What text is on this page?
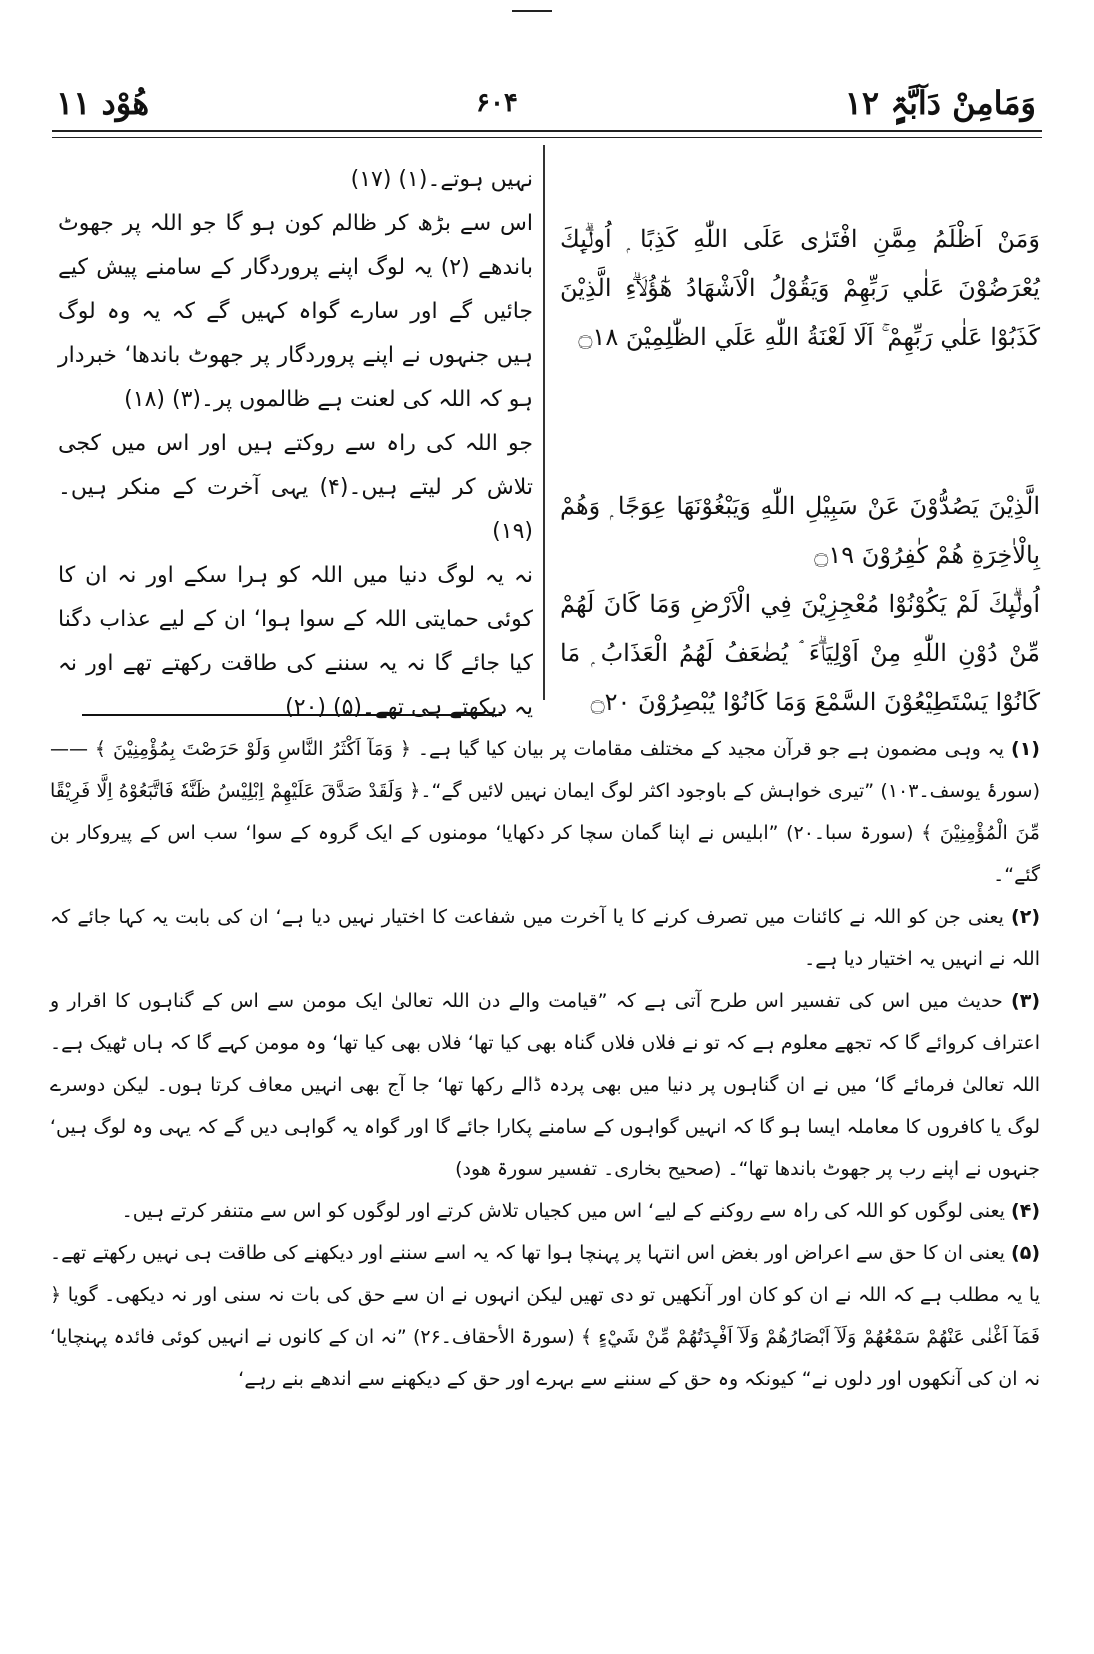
ھُوْد ۱۱	۶۰۴	وَمَامِنْ دَآبَّۃٍ ۱۲

وَمَنْ اَظْلَمُ مِمَّنِ افْتَرٰى عَلَى اللّٰهِ كَذِبًا ۭ اُولٰۗىِٕكَ يُعْرَضُوْنَ عَلٰي رَبِّهِمْ وَيَقُوْلُ الْاَشْهَادُ هٰٓؤُلَاۗءِ الَّذِيْنَ كَذَبُوْا عَلٰي رَبِّهِمْ ۚ اَلَا لَعْنَةُ اللّٰهِ عَلَي الظّٰلِمِيْنَ ۝۱۸

الَّذِيْنَ يَصُدُّوْنَ عَنْ سَبِيْلِ اللّٰهِ وَيَبْغُوْنَهَا عِوَجًا ۭ وَهُمْ بِالْاٰخِرَةِ هُمْ كٰفِرُوْنَ ۝۱۹

اُولٰۗىِٕكَ لَمْ يَكُوْنُوْا مُعْجِزِيْنَ فِي الْاَرْضِ وَمَا كَانَ لَهُمْ مِّنْ دُوْنِ اللّٰهِ مِنْ اَوْلِيَاۗءَ ۘ يُضٰعَفُ لَهُمُ الْعَذَابُ ۭ مَا كَانُوْا يَسْتَطِيْعُوْنَ السَّمْعَ وَمَا كَانُوْا يُبْصِرُوْنَ ۝۲۰

نہیں ہوتے۔(۱) (۱۷)

اس سے بڑھ کر ظالم کون ہو گا جو اللہ پر جھوٹ باندھے (۲) یہ لوگ اپنے پروردگار کے سامنے پیش کیے جائیں گے اور سارے گواہ کہیں گے کہ یہ وہ لوگ ہیں جنہوں نے اپنے پروردگار پر جھوٹ باندھا‘ خبردار ہو کہ اللہ کی لعنت ہے ظالموں پر۔(۳) (۱۸)

جو اللہ کی راہ سے روکتے ہیں اور اس میں کجی تلاش کر لیتے ہیں۔(۴) یہی آخرت کے منکر ہیں۔(۱۹)

نہ یہ لوگ دنیا میں اللہ کو ہرا سکے اور نہ ان کا کوئی حمایتی اللہ کے سوا ہوا‘ ان کے لیے عذاب دگنا کیا جائے گا نہ یہ سننے کی طاقت رکھتے تھے اور نہ یہ دیکھتے ہی تھے۔(۵) (۲۰)

(۱) یہ وہی مضمون ہے جو قرآن مجید کے مختلف مقامات پر بیان کیا گیا ہے۔ ﴿ وَمَآ اَكْثَرُ النَّاسِ وَلَوْ حَرَصْتَ بِمُؤْمِنِيْنَ ﴾ —— (سورۂ یوسف۔۱۰۳) ”تیری خواہش کے باوجود اکثر لوگ ایمان نہیں لائیں گے“۔﴿ وَلَقَدْ صَدَّقَ عَلَيْهِمْ اِبْلِيْسُ ظَنَّهٗ فَاتَّبَعُوْهُ اِلَّا فَرِيْقًا مِّنَ الْمُؤْمِنِيْنَ ﴾ (سورۃ سبا۔۲۰) ”ابلیس نے اپنا گمان سچا کر دکھایا‘ مومنوں کے ایک گروہ کے سوا‘ سب اس کے پیروکار بن گئے“۔

(۲) یعنی جن کو اللہ نے کائنات میں تصرف کرنے کا یا آخرت میں شفاعت کا اختیار نہیں دیا ہے‘ ان کی بابت یہ کہا جائے کہ اللہ نے انہیں یہ اختیار دیا ہے۔

(۳) حدیث میں اس کی تفسیر اس طرح آتی ہے کہ ”قیامت والے دن اللہ تعالیٰ ایک مومن سے اس کے گناہوں کا اقرار و اعتراف کروائے گا کہ تجھے معلوم ہے کہ تو نے فلاں فلاں گناہ بھی کیا تھا‘ فلاں بھی کیا تھا‘ وہ مومن کہے گا کہ ہاں ٹھیک ہے۔ اللہ تعالیٰ فرمائے گا‘ میں نے ان گناہوں پر دنیا میں بھی پردہ ڈالے رکھا تھا‘ جا آج بھی انہیں معاف کرتا ہوں۔ لیکن دوسرے لوگ یا کافروں کا معاملہ ایسا ہو گا کہ انہیں گواہوں کے سامنے پکارا جائے گا اور گواہ یہ گواہی دیں گے کہ یہی وہ لوگ ہیں‘ جنہوں نے اپنے رب پر جھوٹ باندھا تھا“۔ (صحیح بخاری۔ تفسیر سورۃ ھود)

(۴) یعنی لوگوں کو اللہ کی راہ سے روکنے کے لیے‘ اس میں کجیاں تلاش کرتے اور لوگوں کو اس سے متنفر کرتے ہیں۔

(۵) یعنی ان کا حق سے اعراض اور بغض اس انتہا پر پہنچا ہوا تھا کہ یہ اسے سننے اور دیکھنے کی طاقت ہی نہیں رکھتے تھے۔ یا یہ مطلب ہے کہ اللہ نے ان کو کان اور آنکھیں تو دی تھیں لیکن انہوں نے ان سے حق کی بات نہ سنی اور نہ دیکھی۔ گویا ﴿ فَمَآ اَغْنٰى عَنْهُمْ سَمْعُهُمْ وَلَآ اَبْصَارُهُمْ وَلَآ اَفْـِٕدَتُهُمْ مِّنْ شَيْءٍ ﴾ (سورۃ الأحقاف۔۲۶) ”نہ ان کے کانوں نے انہیں کوئی فائدہ پہنچایا‘ نہ ان کی آنکھوں اور دلوں نے“ کیونکہ وہ حق کے سننے سے بہرے اور حق کے دیکھنے سے اندھے بنے رہے‘
